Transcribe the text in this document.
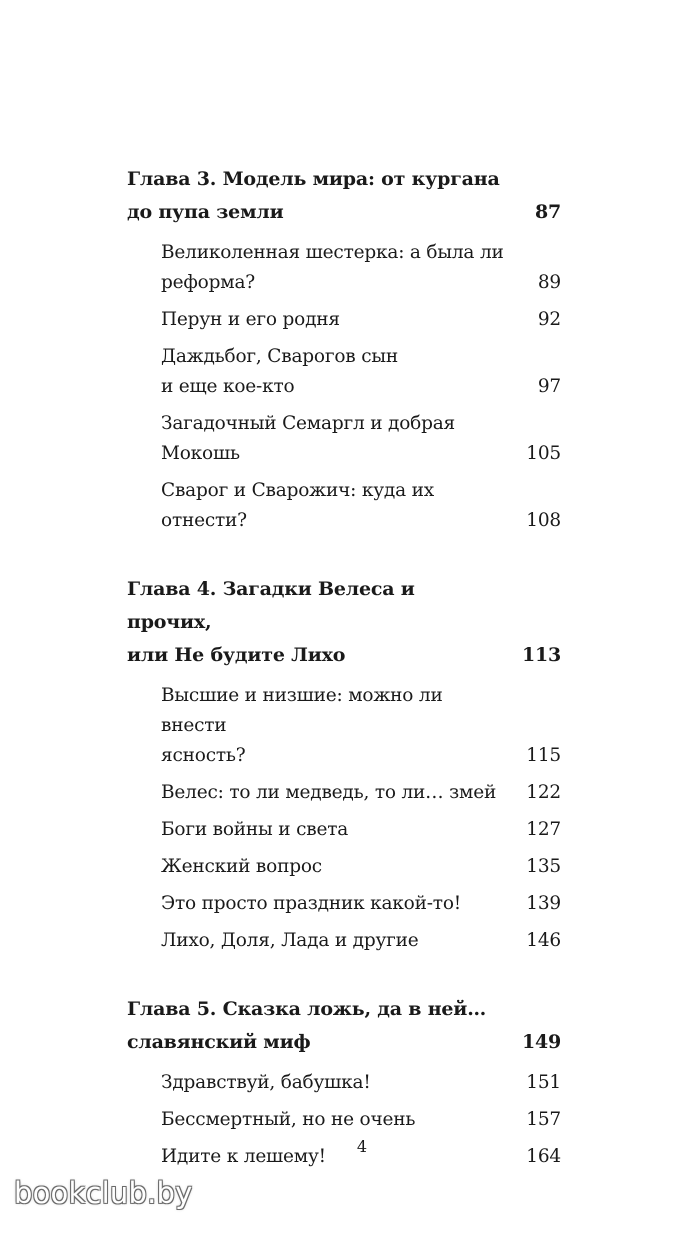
Глава 3. Модель мира: от кургана
до пупа земли	87
Великоленная шестерка: а была ли
реформа?	89
Перун и его родня	92
Даждьбог, Сварогов сын
и еще кое-кто	97
Загадочный Семаргл и добрая
Мокошь	105
Сварог и Сварожич: куда их отнести?	108
Глава 4. Загадки Велеса и прочих,
или Не будите Лихо	113
Высшие и низшие: можно ли внести
ясность?	115
Велес: то ли медведь, то ли… змей	122
Боги войны и света	127
Женский вопрос	135
Это просто праздник какой-то!	139
Лихо, Доля, Лада и другие	146
Глава 5. Сказка ложь, да в ней…
славянский миф	149
Здравствуй, бабушка!	151
Бессмертный, но не очень	157
Идите к лешему!	164
4
bookclub.by
